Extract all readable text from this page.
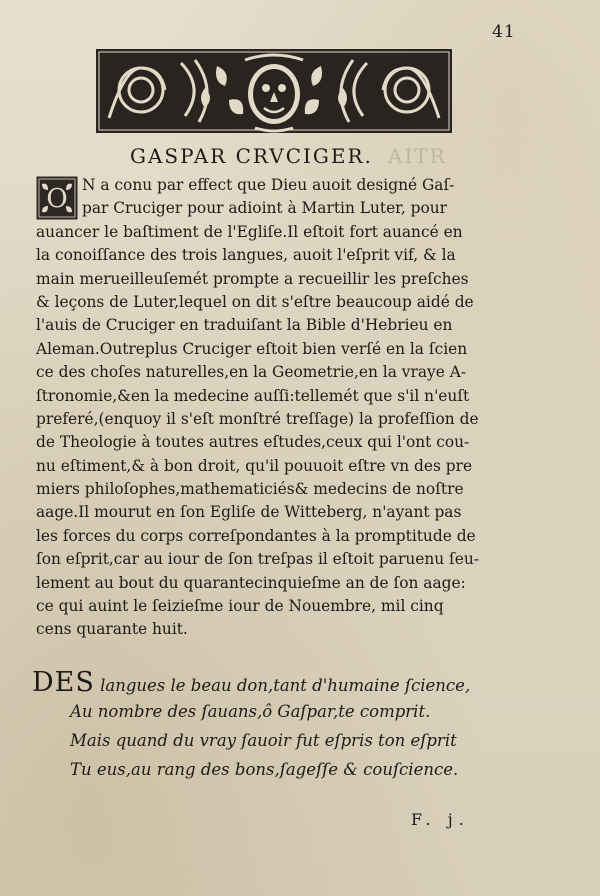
41
GASPAR CRVCIGER. AITR
O N a conu par effect que Dieu auoit designé Gaſ-
par Cruciger pour adioint à Martin Luter, pour
auancer le baſtiment de l'Egliſe.Il eſtoit fort auancé en
la conoiſſance des trois langues, auoit l'eſprit vif, & la
main merueilleuſemét prompte a recueillir les preſches
& leçons de Luter,lequel on dit s'eſtre beaucoup aidé de
l'auis de Cruciger en traduiſant la Bible d'Hebrieu en
Aleman.Outreplus Cruciger eſtoit bien verſé en la ſcien
ce des choſes naturelles,en la Geometrie,en la vraye A-
ſtronomie,&en la medecine auſſi:tellemét que s'il n'euſt
preferé,(enquoy il s'eſt monſtré treſſage) la profeſſion de
de Theologie à toutes autres eſtudes,ceux qui l'ont cou-
nu eſtiment,& à bon droit, qu'il pouuoit eſtre vn des pre
miers philoſophes,mathematiciés& medecins de noſtre
aage.Il mourut en ſon Egliſe de Witteberg, n'ayant pas
les forces du corps correſpondantes à la promptitude de
ſon eſprit,car au iour de ſon treſpas il eſtoit paruenu ſeu-
lement au bout du quarantecinquieſme an de ſon aage:
ce qui auint le ſeizieſme iour de Nouembre, mil cinq
cens quarante huit.
DES langues le beau don,tant d'humaine ſcience,
Au nombre des ſauans,ô Gaſpar,te comprit.
Mais quand du vray ſauoir fut eſpris ton eſprit
Tu eus,au rang des bons,ſageſſe & couſcience.
F. j.
